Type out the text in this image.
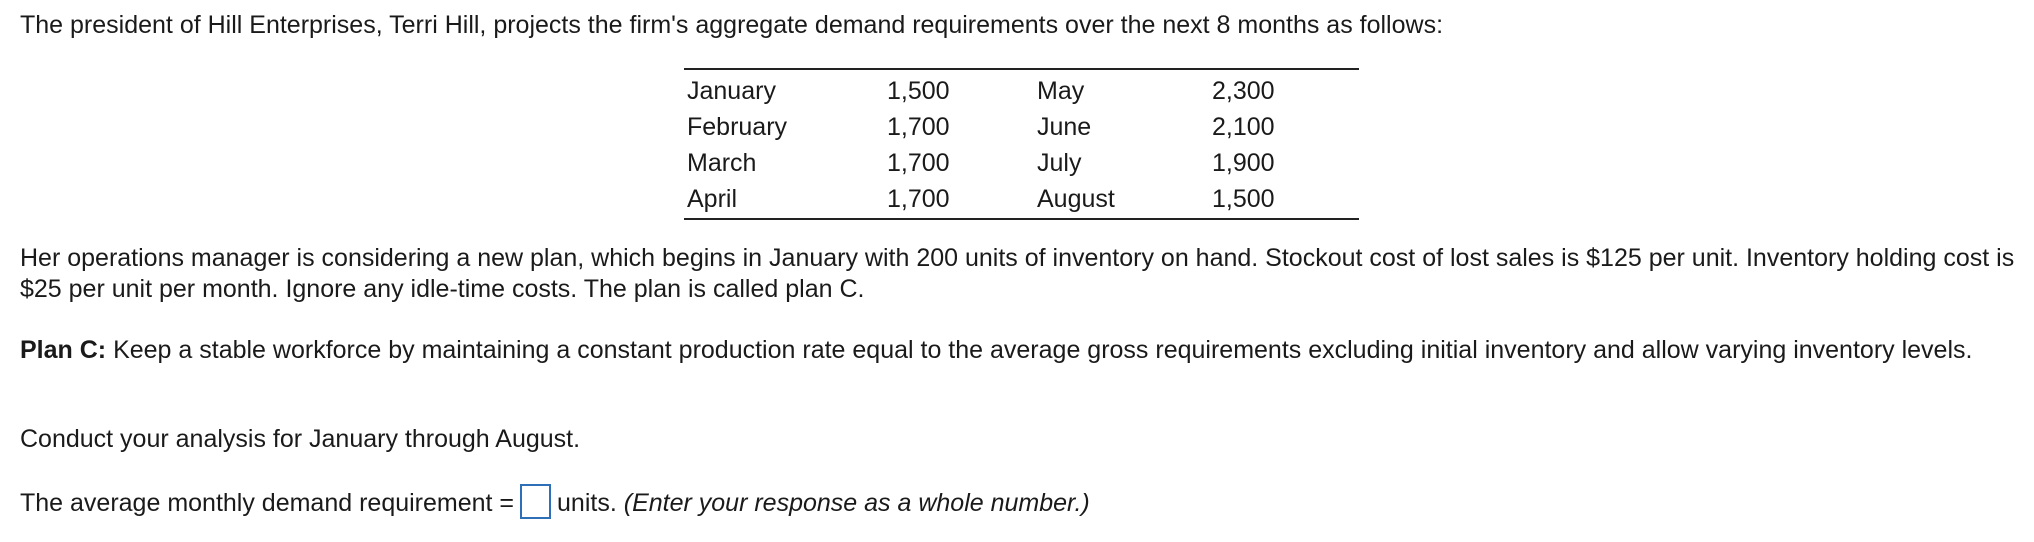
The president of Hill Enterprises, Terri Hill, projects the firm's aggregate demand requirements over the next 8 months as follows:
January	1,500	May	2,300
February	1,700	June	2,100
March	1,700	July	1,900
April	1,700	August	1,500
Her operations manager is considering a new plan, which begins in January with 200 units of inventory on hand. Stockout cost of lost sales is $125 per unit. Inventory holding cost is $25 per unit per month. Ignore any idle-time costs. The plan is called plan C.
Plan C: Keep a stable workforce by maintaining a constant production rate equal to the average gross requirements excluding initial inventory and allow varying inventory levels.
Conduct your analysis for January through August.
The average monthly demand requirement = units. (Enter your response as a whole number.)
